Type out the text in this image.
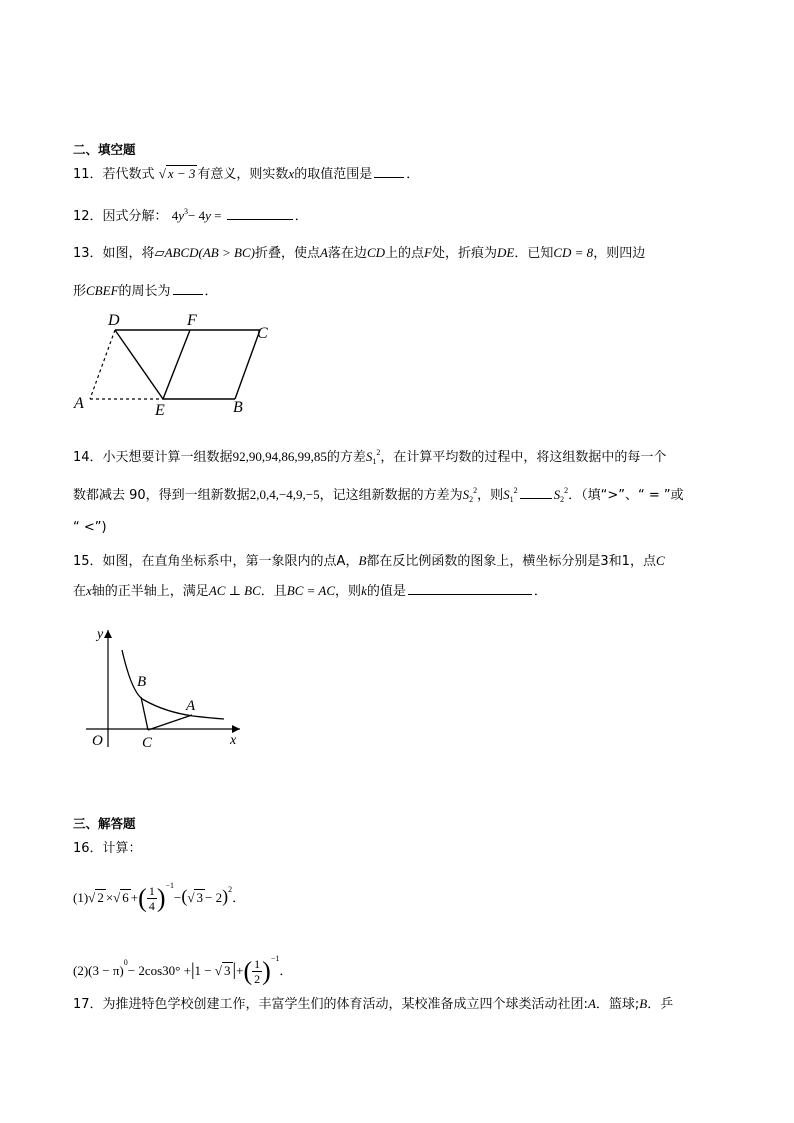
二、填空题
11．若代数式 √ x − 3 有意义，则实数x的取值范围是	．
12．因式分解： $4y^3- 4y$ =	．
13．如图，将▱ABCD(AB > BC)折叠，使点A落在边CD上的点F处，折痕为DE．已知CD = 8，则四边
形CBEF的周长为	．
D	F
C
A	E	B
14．小天想要计算一组数据92,90,94,86,99,85的方差$S_1^2$，在计算平均数的过程中，将这组数据中的每一个
数都减去 90，得到一组新数据2,0,4,−4,9,−5，记这组新数据的方差为$S_2^2$，则$S_1^2$	$S_2^2$．（填“>”、“ = ”或
“ <”)
15．如图，在直角坐标系中，第一象限内的点A，B都在反比例函数的图象上，横坐标分别是3和1，点C
在x轴的正半轴上，满足AC ⊥ BC．且BC = AC，则k的值是	．
y
x
O
B
A
C
三、解答题
16．计算：
(1)√ 2 ×√ 6 +( $\frac{1}{4} )^{-1}-(√$ 3 − 2)$^2$．
$(2)(3 - \pi)^0- 2\cos 30^\circ +|1$ − √ 3 |+( $\frac{1}{2} )^{-1}$．
17．为推进特色学校创建工作，丰富学生们的体育活动，某校准备成立四个球类活动社团:A．篮球;B．乒
